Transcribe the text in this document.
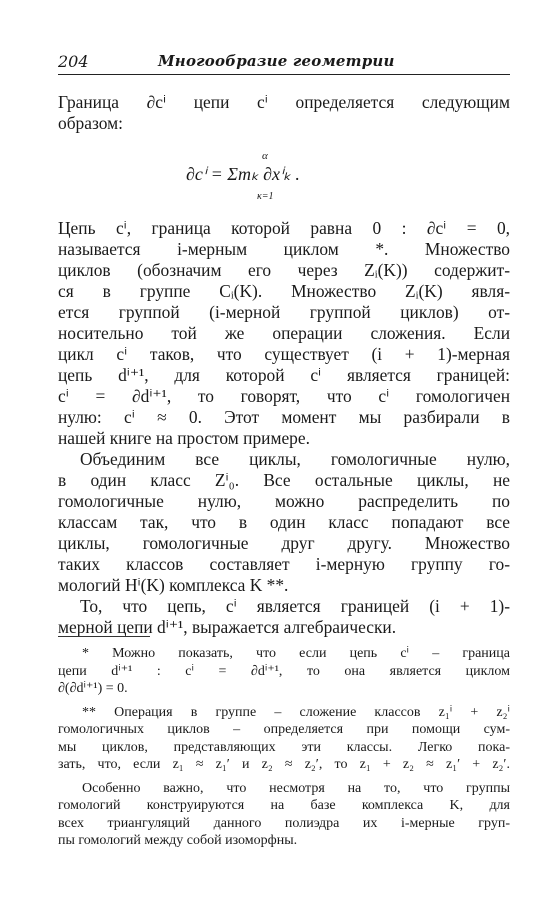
204	Многообразие геометрии

Граница ∂cⁱ цепи cⁱ определяется следующим
образом:

α
∂cⁱ = Σmₖ ∂xⁱₖ .
κ=1

Цепь cⁱ, граница которой равна 0 : ∂cⁱ = 0,
называется i-мерным циклом *. Множество
циклов (обозначим его через Zᵢ(K)) содержит-
ся в группе Cᵢ(K). Множество Zᵢ(K) явля-
ется группой (i-мерной группой циклов) от-
носительно той же операции сложения. Если
цикл cⁱ таков, что существует (i + 1)-мерная
цепь dⁱ⁺¹, для которой cⁱ является границей:
cⁱ = ∂dⁱ⁺¹, то говорят, что cⁱ гомологичен
нулю: cⁱ ≈ 0. Этот момент мы разбирали в
нашей книге на простом примере.

Объединим все циклы, гомологичные нулю,
в один класс Zⁱ₀. Все остальные циклы, не
гомологичные нулю, можно распределить по
классам так, что в один класс попадают все
циклы, гомологичные друг другу. Множество
таких классов составляет i-мерную группу го-
мологий Hⁱ(K) комплекса K **.

То, что цепь, cⁱ является границей (i + 1)-
мерной цепи dⁱ⁺¹, выражается алгебраически.

* Можно показать, что если цепь cⁱ – граница
цепи dⁱ⁺¹ : cⁱ = ∂dⁱ⁺¹, то она является циклом
∂(∂dⁱ⁺¹) = 0.
** Операция в группе – сложение классов z₁ⁱ + z₂ⁱ
гомологичных циклов – определяется при помощи сум-
мы циклов, представляющих эти классы. Легко пока-
зать, что, если z₁ ≈ z₁′ и z₂ ≈ z₂′, то z₁ + z₂ ≈ z₁′ + z₂′.
Особенно важно, что несмотря на то, что группы
гомологий конструируются на базе комплекса K, для
всех триангуляций данного полиэдра их i-мерные груп-
пы гомологий между собой изоморфны.
